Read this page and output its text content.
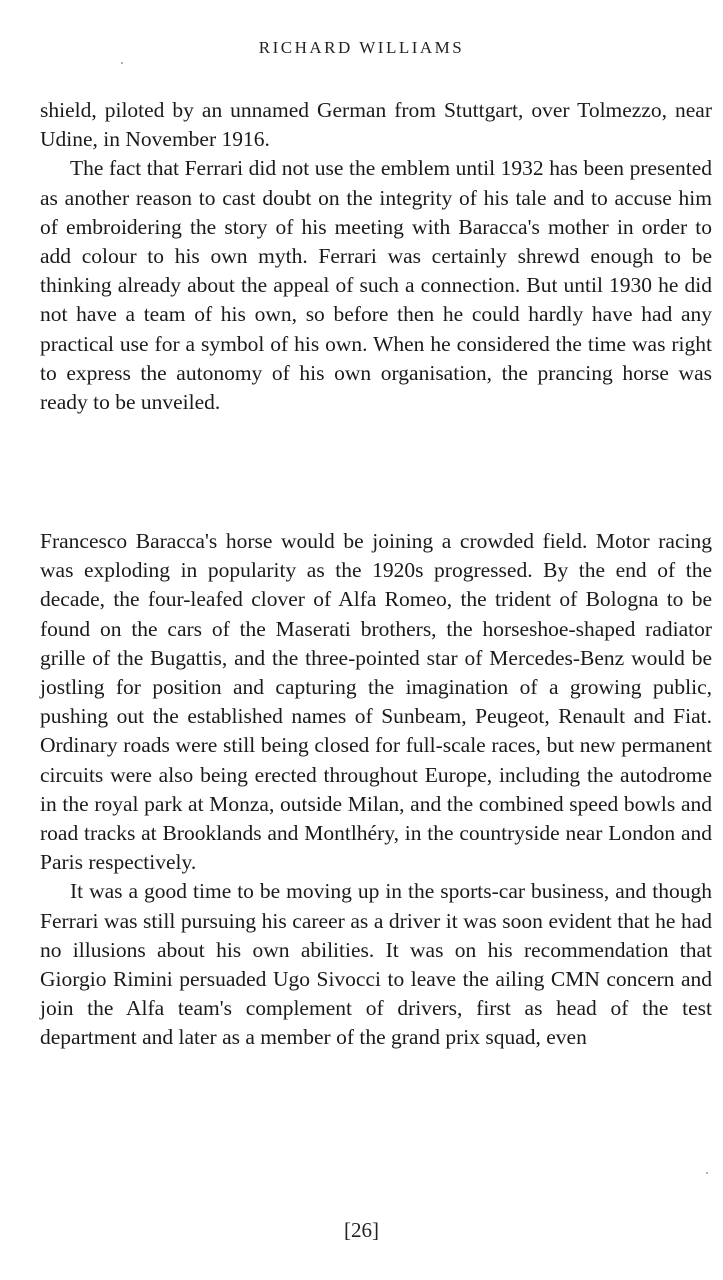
RICHARD WILLIAMS

shield, piloted by an unnamed German from Stuttgart, over Tolmezzo, near Udine, in November 1916.

The fact that Ferrari did not use the emblem until 1932 has been presented as another reason to cast doubt on the integrity of his tale and to accuse him of embroidering the story of his meeting with Baracca's mother in order to add colour to his own myth. Ferrari was certainly shrewd enough to be thinking already about the appeal of such a connection. But until 1930 he did not have a team of his own, so before then he could hardly have had any practical use for a symbol of his own. When he considered the time was right to express the autonomy of his own organisation, the prancing horse was ready to be unveiled.

Francesco Baracca's horse would be joining a crowded field. Motor racing was exploding in popularity as the 1920s progressed. By the end of the decade, the four-leafed clover of Alfa Romeo, the trident of Bologna to be found on the cars of the Maserati brothers, the horseshoe-shaped radiator grille of the Bugattis, and the three-pointed star of Mercedes-Benz would be jostling for position and capturing the imagination of a growing public, pushing out the established names of Sunbeam, Peugeot, Renault and Fiat. Ordinary roads were still being closed for full-scale races, but new permanent circuits were also being erected throughout Europe, including the autodrome in the royal park at Monza, outside Milan, and the combined speed bowls and road tracks at Brooklands and Montlhéry, in the countryside near London and Paris respectively.

It was a good time to be moving up in the sports-car business, and though Ferrari was still pursuing his career as a driver it was soon evident that he had no illusions about his own abilities. It was on his recommendation that Giorgio Rimini persuaded Ugo Sivocci to leave the ailing CMN concern and join the Alfa team's complement of drivers, first as head of the test department and later as a member of the grand prix squad, even

[26]
